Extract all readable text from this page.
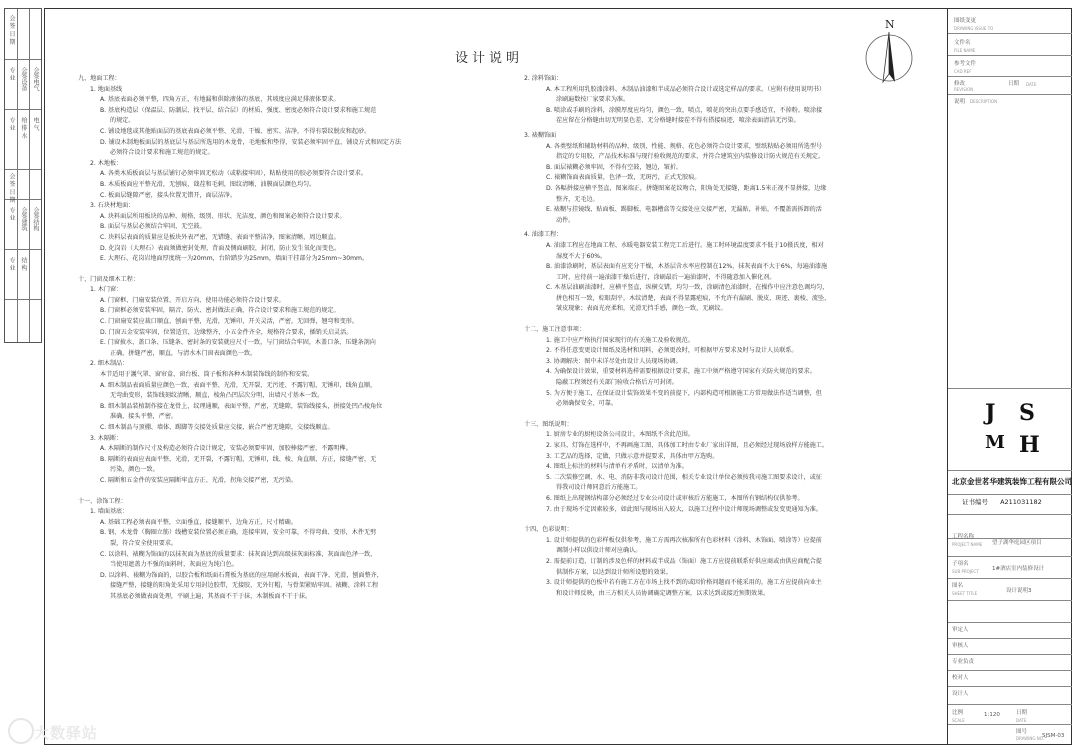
会 签 日 期
专 业 会签设备 会签电气
专 业 给 排 水 电 气
会 签 日 期
专 业 会签建筑 会签结构
专 业 结 构
设计说明
N

九、地面工程：

1. 地面基线

A. 基底表面必须平整，四角方正，有地漏和供除液体的基底，其坡度应满足排液体要求。

B. 基底构造层（保温层、防潮层、找平层、结合层）的材质、强度、密度必须符合设计要求和施工规范

的规定。

C. 铺设地毯或其他贴面层的基底表面必须平整、光滑、干燥、密实、洁净，不得有裂纹脱皮和起砂。

D. 铺设木制地板面层的基底层与基层所选用的木龙骨，毛地板和垫得，安装必须牢固平直，铺设方式和固定方法

必须符合设计要求和施工规范的规定。

2. 木地板：

A. 各类木质板面层与基层铺钉必须牢固无松动（或粘接牢固），粘贴使用的胶必须要符合设计要求。

B. 木质板面应平整光滑，无刨痕，戗茬和毛刺，图纹清晰，油膜面层颜色均匀。

C. 板面层缝隙严密，接头位置无错开，面层洁净。

3. 石块材地面：

A. 块料面层所用板块的品种、规格、级别、形状、光洁度、颜色和图案必须符合设计要求。

B. 面层与基层必须结合牢固，无空鼓。

C. 块料层表面的质量应是板块外表严密，无错缝、表面平整洁净，图案清晰，周边顺直。

D. 化岗岩（大理石）表面须做密封处理，背面及侧面刷胶，封闭，防止发生氧化而变色。

E. 大理石、花岗岩地面厚度统一为20mm，台阶踏步为25mm，墙面干挂部分为25mm~30mm。

十、门窗及细木工程：

1. 木门窗：

A. 门窗框、门扇安装位置、开启方向、使用功能必须符合设计要求。

B. 门窗框必须安装牢固，隔音、防火、密封做法正确，符合设计要求和施工规范的规定。

C. 门窗扇安装应裁口顺直，刨面平整，光滑，无锤印，开关灵活，严密，无回弹，翘弯和变形。

D. 门窗五金安装牢固，位置适宜，边缘整齐，小五金件齐全，规格符合要求，插销关启灵活。

E. 门窗披水、盖口条、压缝条、密封条的安装就应尺寸一致，与门窗结合牢固，木盖口条、压缝条剖向

正确，拼缝严密，顺直，与清水木门窗表面颜色一致。

2. 细木制品：

本节适用于護气罩、窗帘盒、窗台板、筒子板和各种木制装饰线的制作和安装。

A. 细木制品表面质量应颜色一致，表面平整、光滑，无开裂、无污迹、不露钉帽，无锤印，线角直顺，

无弯曲变形，装饰线刻纹清晰、顺直，棱角凸凹层次分明，出墙尺寸基本一致。

B. 细木制品装植制作接在龙骨上，纹理通顺，表面平整，严密，无缝隙，装饰线接头，拼接处凹凸棱角位

准确，接头平整，严密。

C. 细木制品与顶棚、墙体、踢脚等交接处质量应交接，嵌合严密无缝隙，交接线顺直。

3. 木隔断：

A. 木隔断的制作尺寸及构造必须符合设计规定，安装必须要牢固，加胶棒接严密，不露明榫。

B. 隔断的表面应表面平整、光滑，无开裂，不露钉帽，无锤印，线、棱、角直顺、方正，接缝严密，无

污染，颜色一致。

C. 隔断和五金件的安装应隔断牢直方正、光滑，拐角交接严密，无污染。

十一、涂饰工程：

1. 墙面基底：

A. 基础工程必须表面平整，立面垂直，接缝顺平，边角方正，尺寸精确。

B. 钢、木龙骨（胸圈立筋）线槽安装位置必须正确，连接牢固，安全可靠，不得弯曲、变形，木件无劈

裂，符合安全使用要求。

C. 以涂料、裱糊为饰面的以抹灰面为基底的质量要求：抹灰面达到高级抹灰面标准，灰面面色泽一致，

当使用遮盖力不强的面料时，灰面应为纯白色。

D. 以涂料、裱糊为饰面的，以胶合板和纸面石膏板为基底的应用耐水板面，表面干净、光滑，刨面整齐，

接缝严整，接缝的阳角处采用专用封边胶带，无接胶，无外钉帽，与骨架紧贴牢固。裱糊、涂料工程

其基底必须做表面处理，平刷上遍，其基面不干于抹，木制板面不干于抹。

2. 涂料饰面：

A. 本工程所用乳胶漆涂料、木制品油漆和半成品必须符合设计或选定样品的要求。（应附有使用说明书）

涂刷遍数按厂家要求为准。

B. 喷涂或手刷的涂料，涂膜厚度应均匀，颜色一致，喷点，喷花的突出点要手感适宜，不掉粉。喷涂接

茬应留在分格缝由切无明显色差，无分格缝时接茬不得有搭接痕迹，喷涂表面清洁无污染。

3. 裱糊饰面

A. 各类壁纸和辅助材料的品种、级别、性能、规格、花色必须符合设计要求，壁纸粘贴必须用所选型号

指定的专用胶，产品技术标准与现行验收规范的要求，并符合建筑室内装修设计防火规范有关规定。

B. 面层裱糊必须牢固，不得有空鼓，翘边，皱折。

C. 裱糊饰面表面质量，色泽一致，无斑污，正式无胶痕。

D. 各幅拼接应横平竖直，图案端正，拼缝图案花纹吻合，阳角处无接缝，距离1.5米正视不显拼接，边缘

整齐，无毛边。

E. 裱糊与挂镜线、贴面板、踢脚板、电器槽盒等交接处应交接严密，无漏贴，补贴，不覆盖需拆卸的活

动件。

4. 油漆工程：

A. 油漆工程应在地面工程、水暖电器安装工程完工后进行。施工时环境温度要求不低于10摄氏度，相对

湿度不大于60%。

B. 油漆涂刷时，基层表面有应充分干燥，木基层含水率应控制在12%，抹灰表面不大于6%，每遍油漆施

工时，应待前一遍油漆干燥后进行，涂刷最后一遍油漆时，不得随意加入催化剂。

C. 木基层油刷油漆时，应横平竖直，纵横交错，均匀一致，涂刷清色油漆时，在操作中应注意色调均匀，

拼色相互一致，棕眼刮平，木纹清楚，表面不得显露疤痕，不允许有漏刷、脱皮、斑迹、裹棱、流坠、

皱皮现象；表面光亮柔和，光滑无挡手感，颜色一致，无刷纹。

十二、施工注意事项：

1. 施工中应严格执行国家现行的有关施工及验收规范。

2. 不得任意变更设计图纸及选材和用料，必须更改时，可根据甲方要求及时与设计人员联系。

3. 协调解决：图中未详尽处由设计人员现场协调。

4. 为确保设计效果，重要材料选样需要根据设计要求，施工中须严格遵守国家有关防火规范的要求。

隐蔽工程须经有关部门验收合格后方可封闭。

5. 为方便于施工，在保证设计装饰效果不变的前提下，内部构造可根据施工方常用做法作适当调整，但

必须确保安全、可靠。

十三、图纸说明：

1. 厨房专业的厨柜设备公司设计，本图纸不含此范围。

2. 家具、灯饰在选样中，不再画施工图，具体加工时由专业厂家出详图，且必须经过现场放样方能施工。

3. 工艺品的选择，定做，只做示意并提要求，具体由甲方选购。

4. 图纸上标注的材料与清单有矛盾时，以清单为准。

5. 二次装修空调、水、电、消防非我司设计范围，相关专业设计单位必须按我司施工图要求设计，或征

得我司设计师同意后方能施工。

6. 图纸上出现钢结构部分必须经过专业公司设计或审核后方能施工，本图所有钢结构仅供参考。

7. 由于现场不定因素较多，如此图与现场出入较大，以施工过程中设计师现场调整或发变更通知为准。

十四、色彩说明：

1. 设计师提供的色彩样板仅供参考，施工方需再次核准所有色彩材料（涂料、木饰面、喷涂等）应提前

调制小样以供设计师对应确认。

2. 需提前订造，订制的涉及色样的材料或半成品（饰面）施工方应提前联系好供应商或由供应商配合提

供制作方案，以达到设计师所设想的效果。

3. 设计师提供的色板中若有施工方在市场上找不到的或因价格问题而不能采用的，施工方应提前向业主

和设计师反映，由三方相关人员协调确定调整方案，以求达到或接近预期效果。

图纸变更
DRAWING ISSUE TO
文件名
FILE NAME
参考文件
CAD REF
修改
REVISION
日期 DATE
说明 DESCRIPTION
工程名称
PROJECT NAME 望子湖华庭园区项目
子项名
SUB PROJECT 1#酒店室内装修设计
图名
SHEET TITLE	设计说明3
审定人
审核人
专业负责
校对人
设计人
比例
SCALE
1:120	日期
DATE
图号
DRAWING NO.
SJSM-03
J S
M H
北京金世茗华建筑装饰工程有限公司
证书编号 A211031182
大数驿站
